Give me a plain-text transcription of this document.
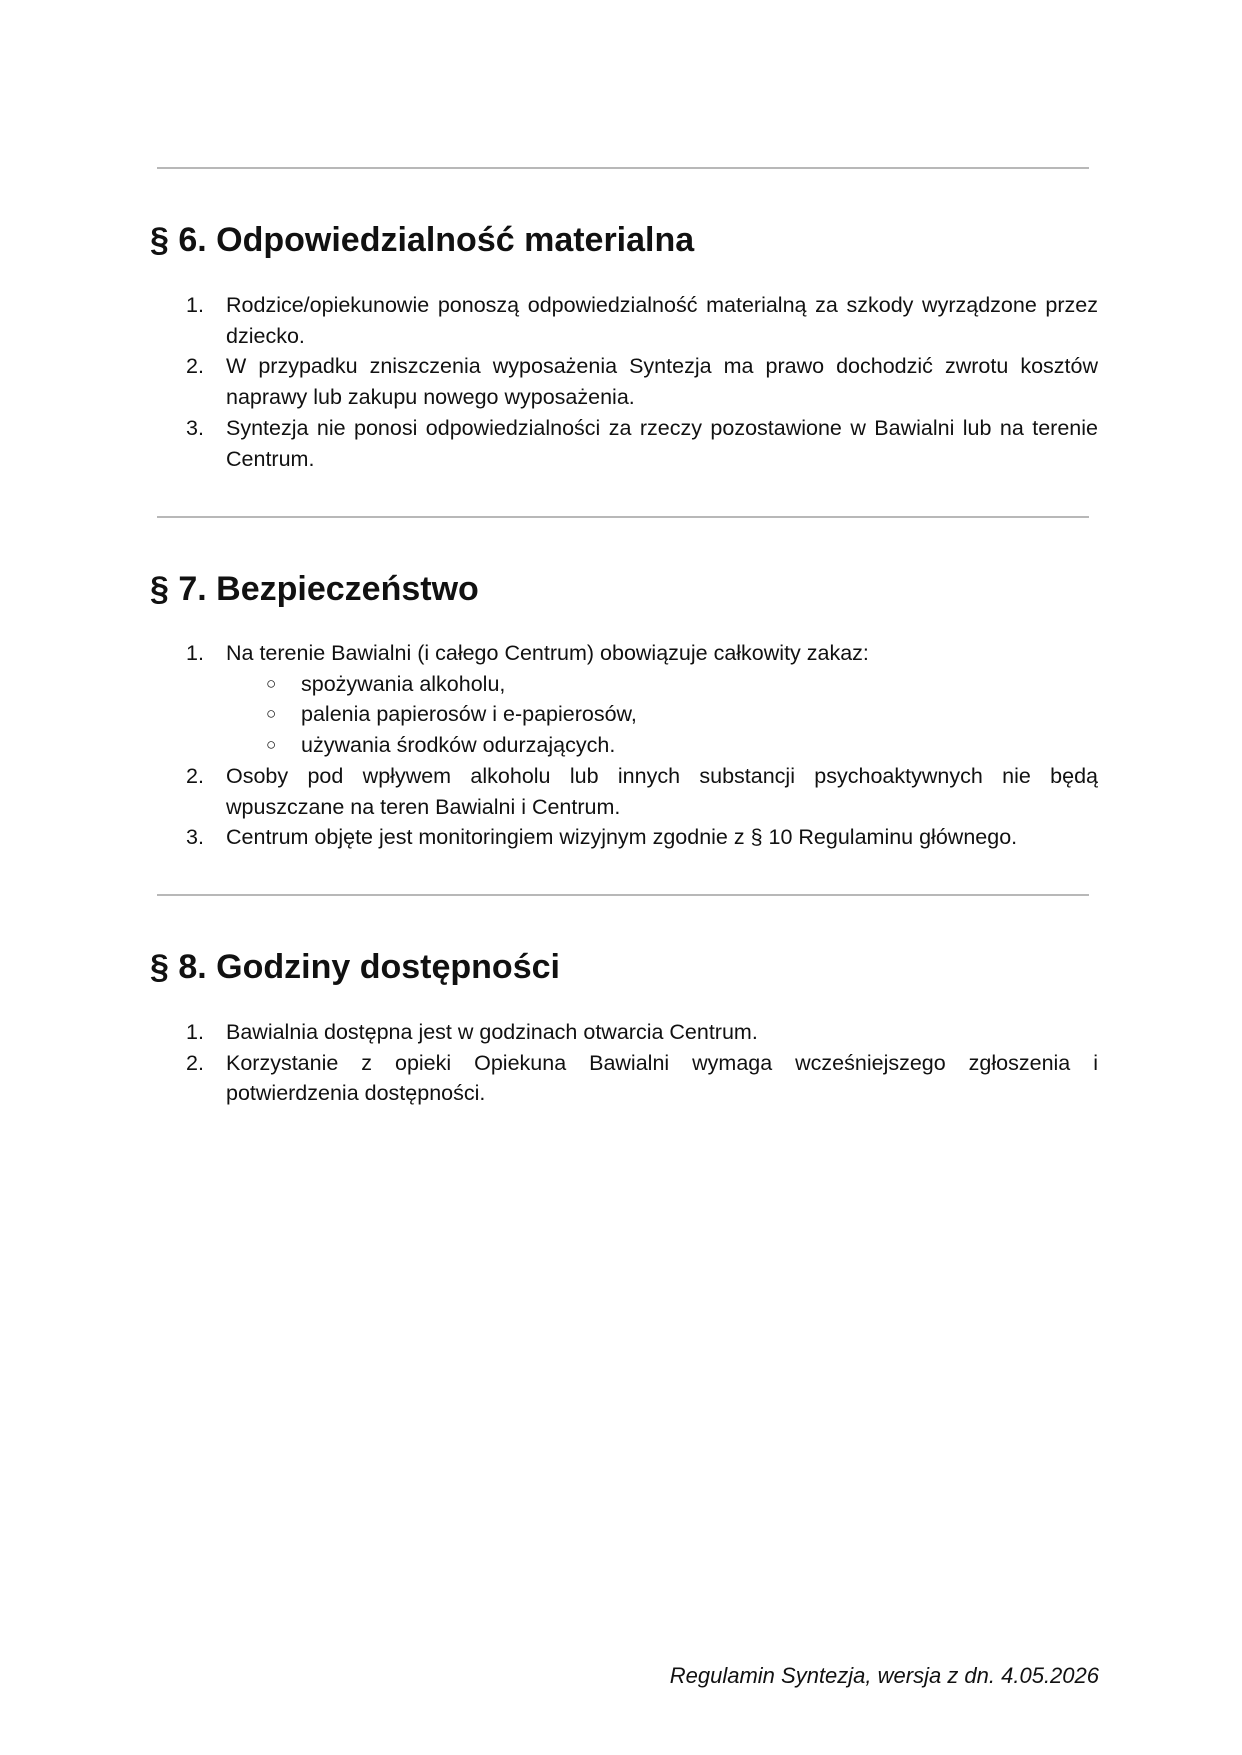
§ 6. Odpowiedzialność materialna
1. Rodzice/opiekunowie ponoszą odpowiedzialność materialną za szkody wyrządzone przez dziecko.
2. W przypadku zniszczenia wyposażenia Syntezja ma prawo dochodzić zwrotu kosztów naprawy lub zakupu nowego wyposażenia.
3. Syntezja nie ponosi odpowiedzialności za rzeczy pozostawione w Bawialni lub na terenie Centrum.
§ 7. Bezpieczeństwo
1. Na terenie Bawialni (i całego Centrum) obowiązuje całkowity zakaz:
○ spożywania alkoholu,
○ palenia papierosów i e-papierosów,
○ używania środków odurzających.
2. Osoby pod wpływem alkoholu lub innych substancji psychoaktywnych nie będą wpuszczane na teren Bawialni i Centrum.
3. Centrum objęte jest monitoringiem wizyjnym zgodnie z § 10 Regulaminu głównego.
§ 8. Godziny dostępności
1. Bawialnia dostępna jest w godzinach otwarcia Centrum.
2. Korzystanie z opieki Opiekuna Bawialni wymaga wcześniejszego zgłoszenia i potwierdzenia dostępności.
Regulamin Syntezja, wersja z dn. 4.05.2026
